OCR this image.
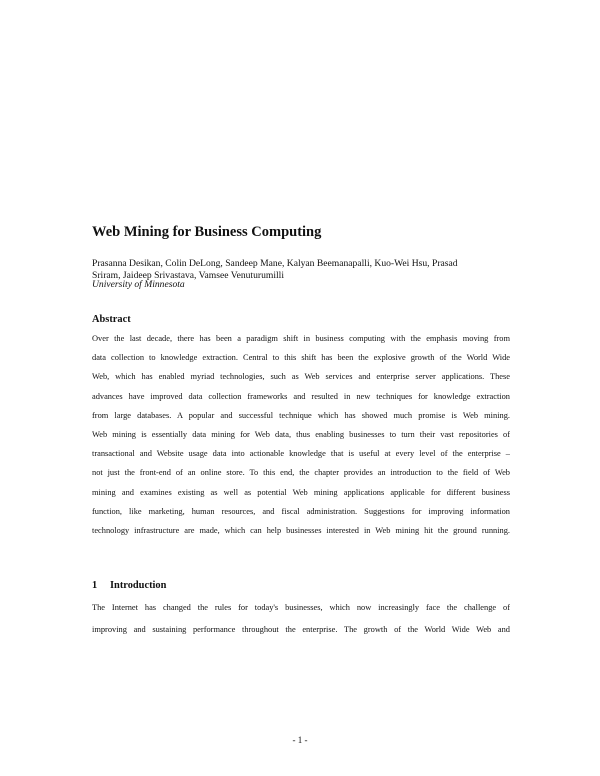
Web Mining for Business Computing

Prasanna Desikan, Colin DeLong, Sandeep Mane, Kalyan Beemanapalli, Kuo-Wei Hsu, Prasad
Sriram, Jaideep Srivastava, Vamsee Venuturumilli

University of Minnesota

Abstract
Over the last decade, there has been a paradigm shift in business computing with the emphasis moving from
data collection to knowledge extraction. Central to this shift has been the explosive growth of the World Wide
Web, which has enabled myriad technologies, such as Web services and enterprise server applications. These
advances have improved data collection frameworks and resulted in new techniques for knowledge extraction
from large databases. A popular and successful technique which has showed much promise is Web mining.
Web mining is essentially data mining for Web data, thus enabling businesses to turn their vast repositories of
transactional and Website usage data into actionable knowledge that is useful at every level of the enterprise –
not just the front-end of an online store. To this end, the chapter provides an introduction to the field of Web
mining and examines existing as well as potential Web mining applications applicable for different business
function, like marketing, human resources, and fiscal administration. Suggestions for improving information
technology infrastructure are made, which can help businesses interested in Web mining hit the ground running.
1 Introduction
The Internet has changed the rules for today's businesses, which now increasingly face the challenge of
improving and sustaining performance throughout the enterprise. The growth of the World Wide Web and

- 1 -
